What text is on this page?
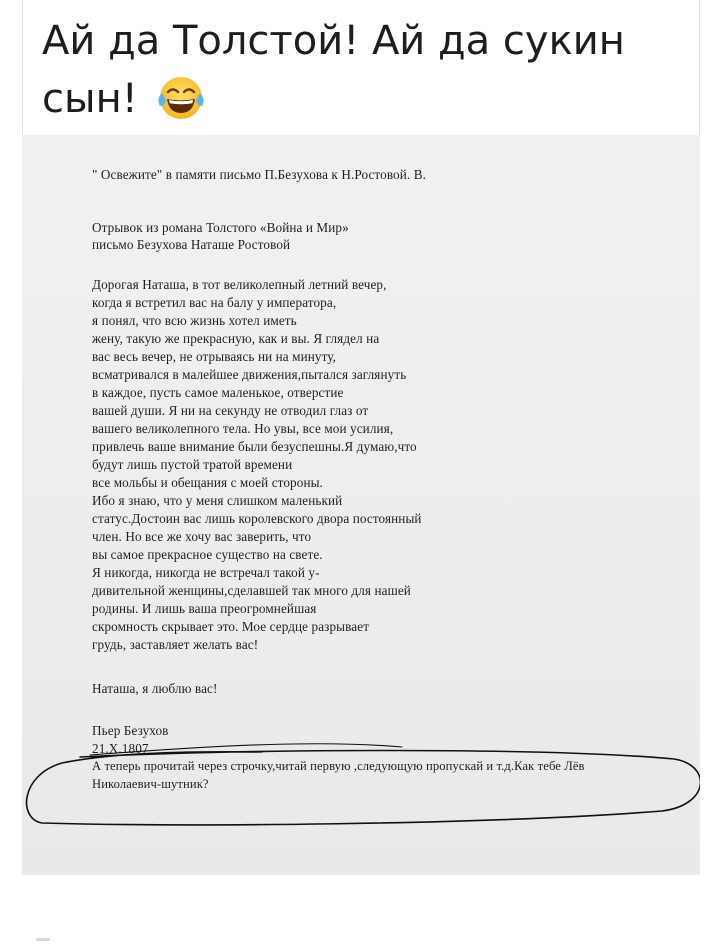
Ай да Толстой! Ай да сукин
сын!
" Освежите" в памяти письмо П.Безухова к Н.Ростовой. В.
Отрывок из романа Толстого «Война и Мир»
письмо Безухова Наташе Ростовой
Дорогая Наташа, в тот великолепный летний вечер,
когда я встретил вас на балу у императора,
я понял, что всю жизнь хотел иметь
жену, такую же прекрасную, как и вы. Я глядел на
вас весь вечер, не отрываясь ни на минуту,
всматривался в малейшее движения,пытался заглянуть
в каждое, пусть самое маленькое, отверстие
вашей души. Я ни на секунду не отводил глаз от
вашего великолепного тела. Но увы, все мои усилия,
привлечь ваше внимание были безуспешны.Я думаю,что
будут лишь пустой тратой времени
все мольбы и обещания с моей стороны.
Ибо я знаю, что у меня слишком маленький
статус.Достоин вас лишь королевского двора постоянный
член. Но все же хочу вас заверить, что
вы самое прекрасное существо на свете.
Я никогда, никогда не встречал такой у-
дивительной женщины,сделавшей так много для нашей
родины. И лишь ваша преогромнейшая
скромность скрывает это. Мое сердце разрывает
грудь, заставляет желать вас!
Наташа, я люблю вас!
Пьер Безухов
21.Х.1807
А теперь прочитай через строчку,читай первую ,следующую пропускай и т.д.Как тебе Лёв
Николаевич-шутник?
